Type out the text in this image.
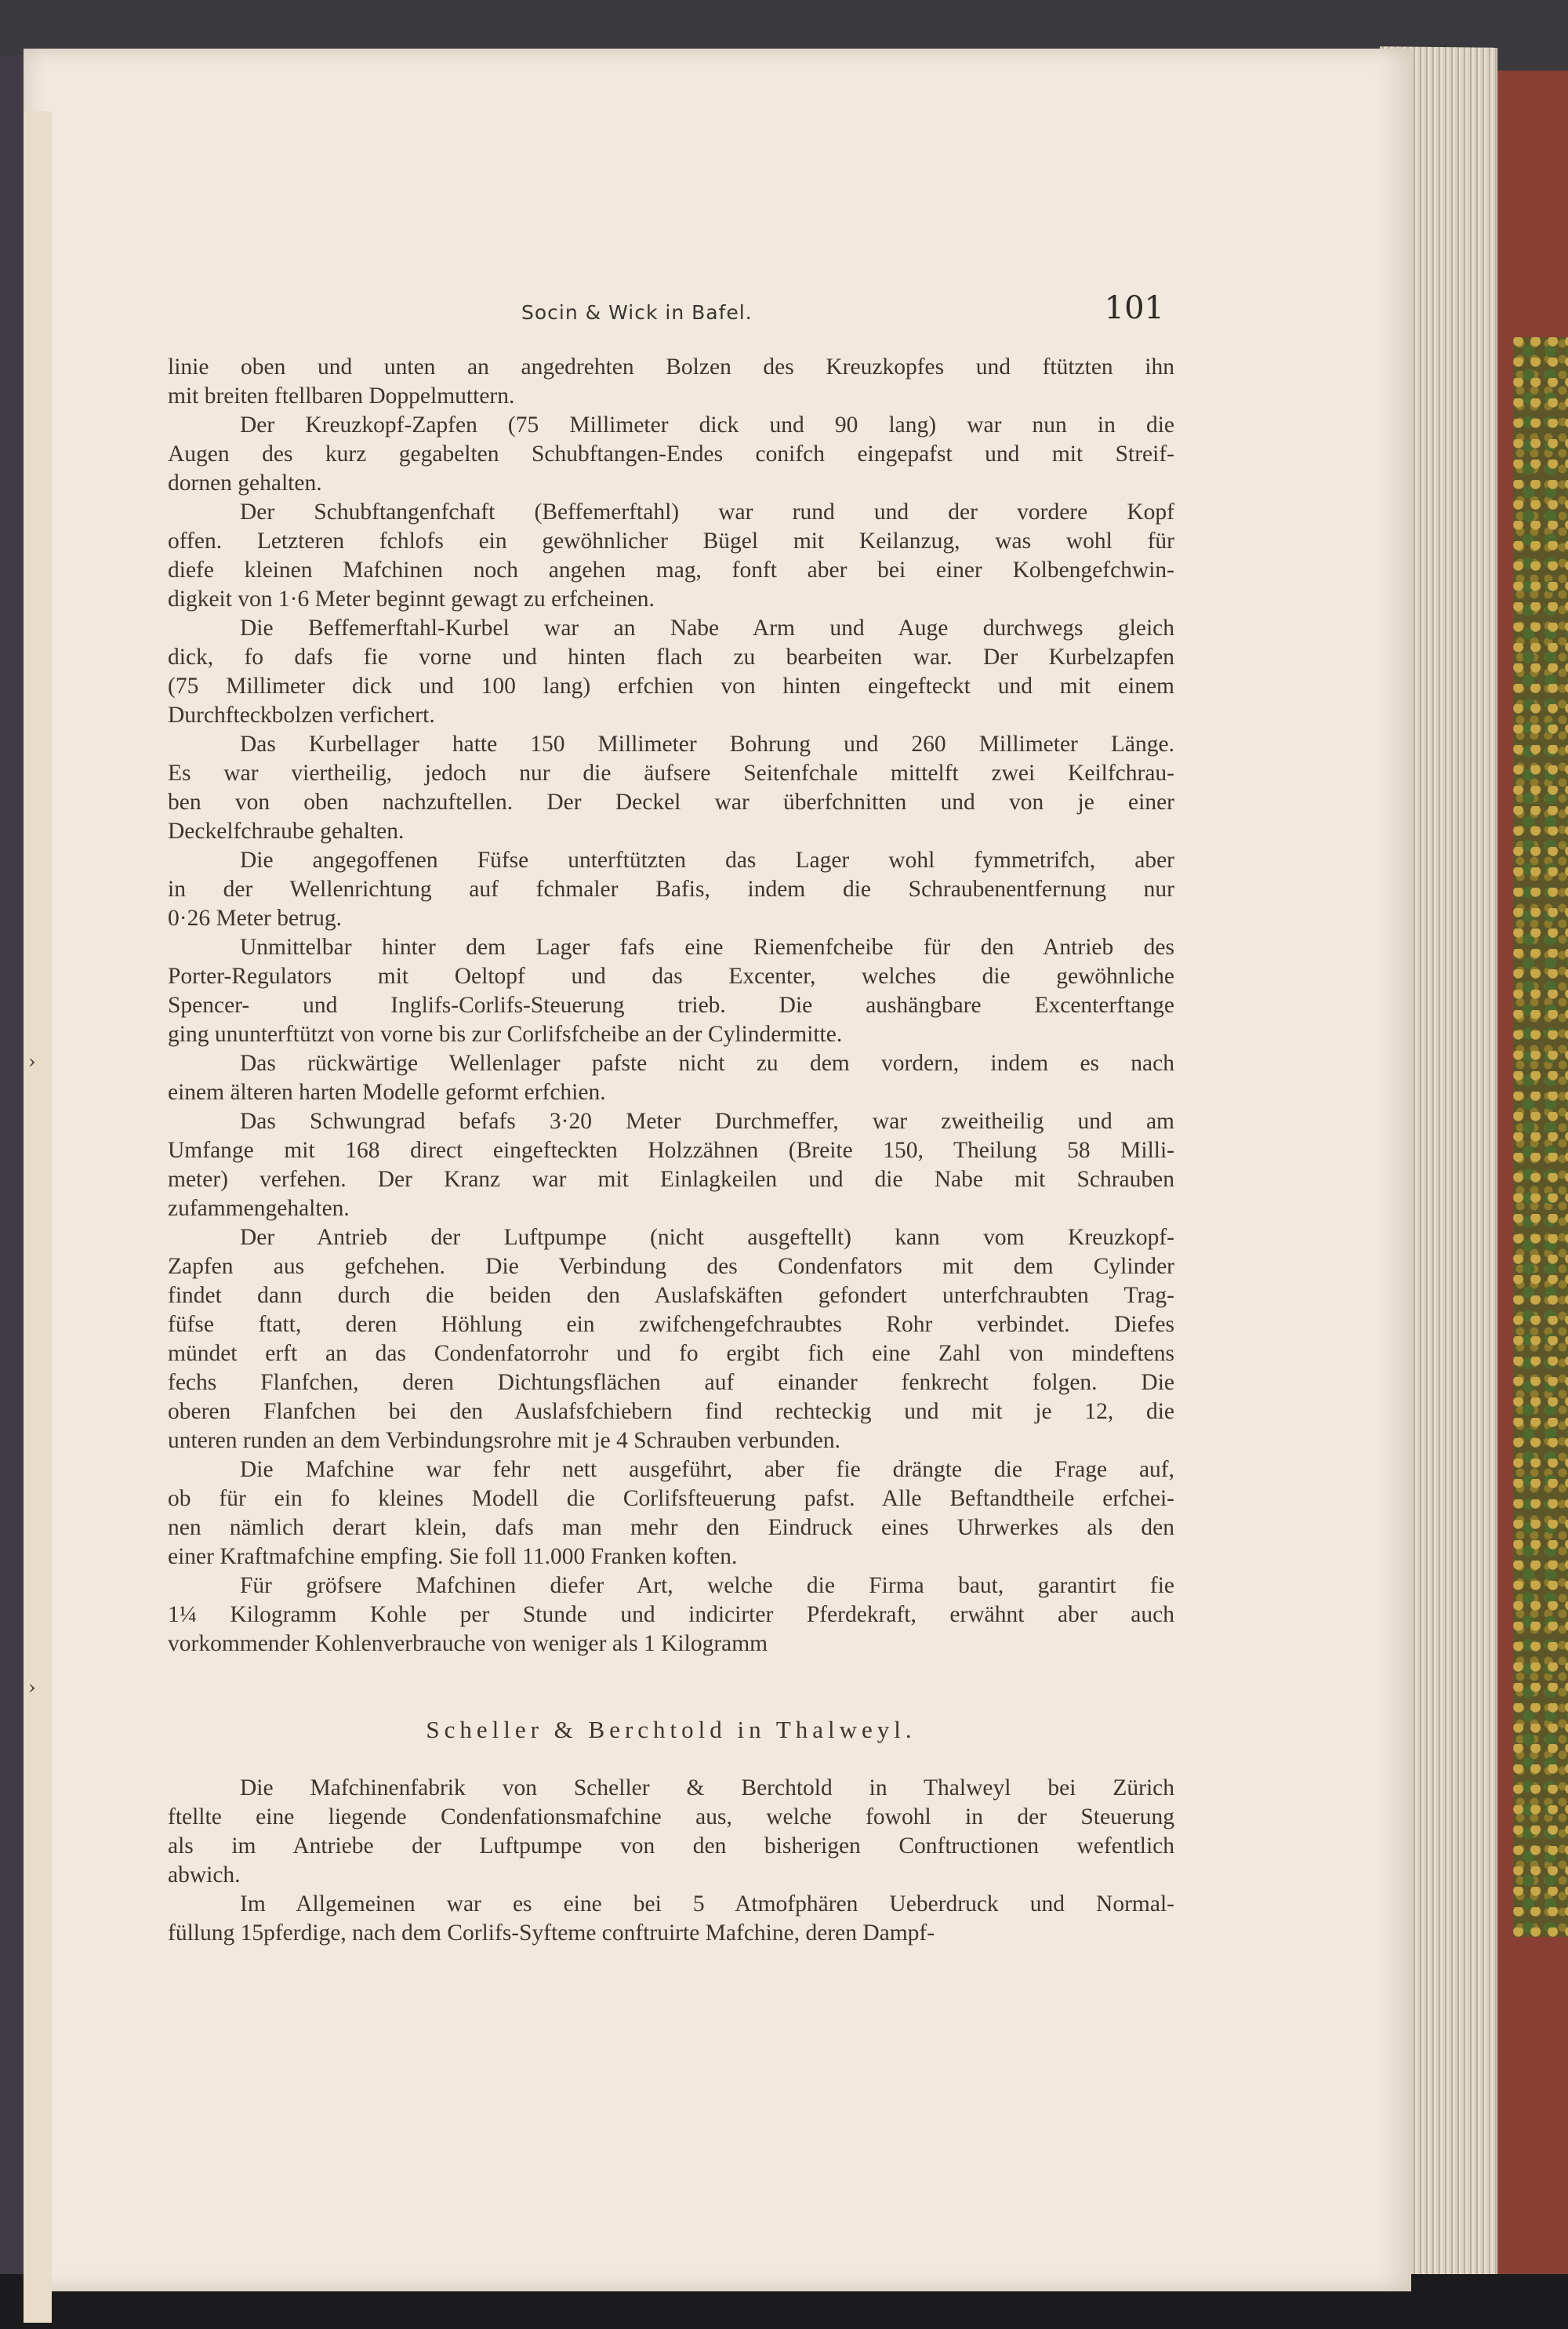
Socin & Wick in Bafel.	101
linie oben und unten an angedrehten Bolzen des Kreuzkopfes und ftützten ihn
mit breiten ftellbaren Doppelmuttern.
Der Kreuzkopf-Zapfen (75 Millimeter dick und 90 lang) war nun in die
Augen des kurz gegabelten Schubftangen-Endes conifch eingepafst und mit Streif-
dornen gehalten.
Der Schubftangenfchaft (Beffemerftahl) war rund und der vordere Kopf
offen. Letzteren fchlofs ein gewöhnlicher Bügel mit Keilanzug, was wohl für
diefe kleinen Mafchinen noch angehen mag, fonft aber bei einer Kolbengefchwin-
digkeit von 1·6 Meter beginnt gewagt zu erfcheinen.
Die Beffemerftahl-Kurbel war an Nabe Arm und Auge durchwegs gleich
dick, fo dafs fie vorne und hinten flach zu bearbeiten war. Der Kurbelzapfen
(75 Millimeter dick und 100 lang) erfchien von hinten eingefteckt und mit einem
Durchfteckbolzen verfichert.
Das Kurbellager hatte 150 Millimeter Bohrung und 260 Millimeter Länge.
Es war viertheilig, jedoch nur die äufsere Seitenfchale mittelft zwei Keilfchrau-
ben von oben nachzuftellen. Der Deckel war überfchnitten und von je einer
Deckelfchraube gehalten.
Die angegoffenen Füfse unterftützten das Lager wohl fymmetrifch, aber
in der Wellenrichtung auf fchmaler Bafis, indem die Schraubenentfernung nur
0·26 Meter betrug.
Unmittelbar hinter dem Lager fafs eine Riemenfcheibe für den Antrieb des
Porter-Regulators mit Oeltopf und das Excenter, welches die gewöhnliche
Spencer- und Inglifs-Corlifs-Steuerung trieb. Die aushängbare Excenterftange
ging ununterftützt von vorne bis zur Corlifsfcheibe an der Cylindermitte.
Das rückwärtige Wellenlager pafste nicht zu dem vordern, indem es nach
einem älteren harten Modelle geformt erfchien.
Das Schwungrad befafs 3·20 Meter Durchmeffer, war zweitheilig und am
Umfange mit 168 direct eingefteckten Holzzähnen (Breite 150, Theilung 58 Milli-
meter) verfehen. Der Kranz war mit Einlagkeilen und die Nabe mit Schrauben
zufammengehalten.
Der Antrieb der Luftpumpe (nicht ausgeftellt) kann vom Kreuzkopf-
Zapfen aus gefchehen. Die Verbindung des Condenfators mit dem Cylinder
findet dann durch die beiden den Auslafskäften gefondert unterfchraubten Trag-
füfse ftatt, deren Höhlung ein zwifchengefchraubtes Rohr verbindet. Diefes
mündet erft an das Condenfatorrohr und fo ergibt fich eine Zahl von mindeftens
fechs Flanfchen, deren Dichtungsflächen auf einander fenkrecht folgen. Die
oberen Flanfchen bei den Auslafsfchiebern find rechteckig und mit je 12, die
unteren runden an dem Verbindungsrohre mit je 4 Schrauben verbunden.
Die Mafchine war fehr nett ausgeführt, aber fie drängte die Frage auf,
ob für ein fo kleines Modell die Corlifsfteuerung pafst. Alle Beftandtheile erfchei-
nen nämlich derart klein, dafs man mehr den Eindruck eines Uhrwerkes als den
einer Kraftmafchine empfing. Sie foll 11.000 Franken koften.
Für gröfsere Mafchinen diefer Art, welche die Firma baut, garantirt fie
1¼ Kilogramm Kohle per Stunde und indicirter Pferdekraft, erwähnt aber auch
vorkommender Kohlenverbrauche von weniger als 1 Kilogramm
Scheller & Berchtold in Thalweyl.
Die Mafchinenfabrik von Scheller & Berchtold in Thalweyl bei Zürich
ftellte eine liegende Condenfationsmafchine aus, welche fowohl in der Steuerung
als im Antriebe der Luftpumpe von den bisherigen Conftructionen wefentlich
abwich.
Im Allgemeinen war es eine bei 5 Atmofphären Ueberdruck und Normal-
füllung 15pferdige, nach dem Corlifs-Syfteme conftruirte Mafchine, deren Dampf-
›
›
